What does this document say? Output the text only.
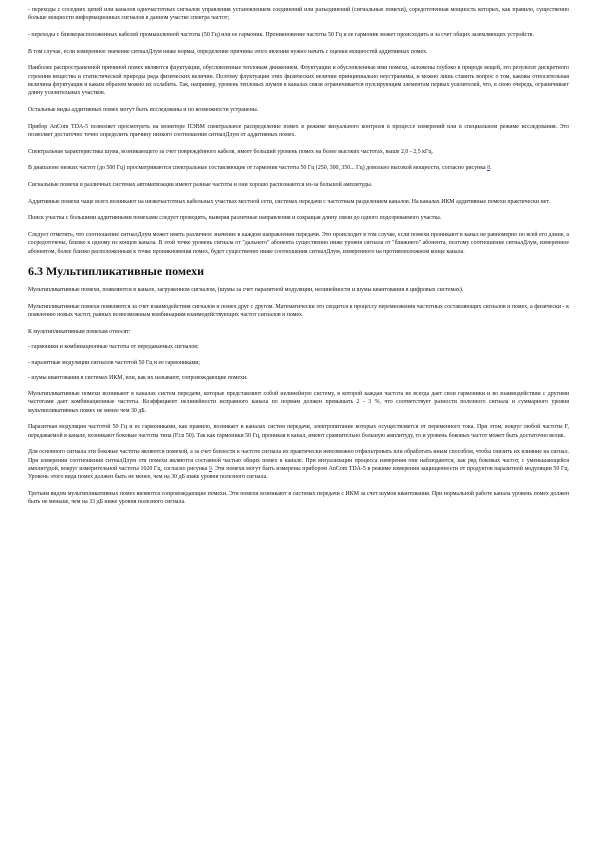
- переходы с соседних цепей или каналов одночастотных сигналов управления установлением соединений или разъединений (сигнальные помехи), соредоточенная мощность которых, как правило, существенно больше мощности информационных сигналов в данном участке спектра частот;

- переходы с близкорасположенных кабелей промышленной частоты (50 Гц) или ее гармоник. Проникновение частоты 50 Гц и ее гармоник может происходить и за счет общих заземляющих устройств.

В том случае, если измеренное значение ситналДлум ниже нормы, определение причины этого явления нужно начать с оценки мощностей аддитивных помех.

Наиболее распространенной причиной помех являются флуктуации, обусловленные тепловым движением. Флуктуации и обусловленные ими помехи, заложены глубоко в природе вещей, это результат дискретного строения вещества и статистической природы ряда физических величин. Поэтому флуктуации этих физических величин принципиально неустранимы, и можно лишь ставить вопрос о том, каковы относительная величина флуктуации и каким образом можно их ослабить. Так, например, уровень тепловых шумов в каналах связи ограничивается пулсирующим элементам первых усилителей, что, в свою очередь, ограничивает длину усилительных участков.

Остальные виды аддитивных помех могут быть исследованы и по возможности устранены.

Прибор AnCom TDA-5 позволяет просмотреть на мониторе ПЭВМ спектральное распределение помех в режиме визуального контроля в процессе измерений или в специальном режиме исследования. Это позволяет достаточно точно определить причину низкого соотношения ситналДлум от аддитивных помех.

Спектральная характеристика шума, возникающего за счет повреждённого кабеля, имеет больший уровень помех на более высоких частотах, выше 2,0 - 2,5 кГц.

В диапазоне низких частот (до 500 Гц) просматриваются спектральные составляющие от гармоник частоты 50 Гц (250, 300, 350... Гц) довольно высокой мощности, согласно рисунка 8.

Сигнальные помехи в различных системах автоматизации имеют разные частоты и они хорошо распознаются из-за большой амплитуды.

Аддитивные помехи чаще всего возникают на низкочастотных кабельных участках местной сети, системах передачи с частотным разделением каналов. На каналах ИКМ аддитивные помехи практически нет.

Поиск участка с большими аддитивными помехами следует проводить, выверяя различные направления и сокращая длину связи до одного подозреваемого участка.

Следует отметить, что соотношение ситналДлум может иметь различное значение в каждом направлении передачи. Это происходит в том случае, если помехи проникают в канал не равномерно по всей его длине, а сосредоточены, близко к одному из концов канала. В этой точке уровень сигнала от "дальнего" абонента существенно ниже уровня сигнала от "ближнего" абонента, поэтому соотношение ситналДлум, измеренное абонентом, более близко расположенным к точке проникновения помех, будет существенно ниже соотношения ситналДлум, измеренного на противоположном конце канала.

6.3 Мультипликативные помехи

Мультипликативные помехи, появляются в канале, загруженном сигналом, (шумы за счет паразитной модуляции, нелинейности и шумы квантования в цифровых системах).

Мультипликативные помехи появляются за счет взаимодействия сигналов и помех друг с другом. Математически это сводится к процессу перемножения частотных составляющих сигналов и помех, а физически - к появлению новых частот, равных всевозможным комбинациям взаимодействующих частот сигналов и помех.

К мультипликативным помехам относят:

- гармоники и комбинационные частоты от передаваемых сигналов;

- паразитные модуляции сигналов частотой 50 Гц и ее гармониками;

- шумы квантования в системах ИКМ, или, как их называют, сопровождающие помехи.

Мультипликативные помехи возникают в каналах систем передачи, которые представляют собой нелинейную систему, в которой каждая частота не всегда дает свои гармоники и во взаимодействии с другими частотами дает комбинационные частоты. Коэффициент нелинейности исправного канала по нормам должен превышать 2 - 3 %, что соответствует разности полезного сигнала и суммарного уровня мультипликативных помех не менее чем 30 дБ.

Паразитная модуляция частотой 50 Гц и ее гармониками, как правило, возникает в каналах систем передачи, электропитание которых осуществляется от переменного тока. При этом, вокруг любой частоты F, передаваемой в канале, возникают боковые частоты типа (F±n 50). Так как гармоники 50 Гц, проникая в канал, имеют сравнительно большую амплитуду, то и уровень боковых частот может быть достаточно велик.

Для основного сигнала эти боковые частоты являются помехой, а за счет близости к частоте сигнала их практически невозможно отфильтровать или обработать иным способом, чтобы снизить их влияние на сигнал. При измерении соотношения ситналДлум эти помехи являются составной частью общих помех в канале. При визуализации процесса измерения они наблюдаются, как ряд боковых частот, с уменьшающейся амплитудой, вокруг измерительной частоты 1020 Гц, согласно рисунка 9. Эти помехи могут быть измерены прибором AnCom TDA-5 в режиме измерения защищенности от продуктов паразитной модуляции 50 Гц. Уровень этого вида помех должен быть не менее, чем на 30 дБ ниже уровня полезного сигнала.

Третьим видом мультипликативных помех являются сопровождающие помехи. Эти помехи возникают в системах передачи с ИКМ за счет шумов квантования. При нормальной работе канала уровень помех должен быть не меньше, чем на 33 дБ ниже уровня полезного сигнала.
